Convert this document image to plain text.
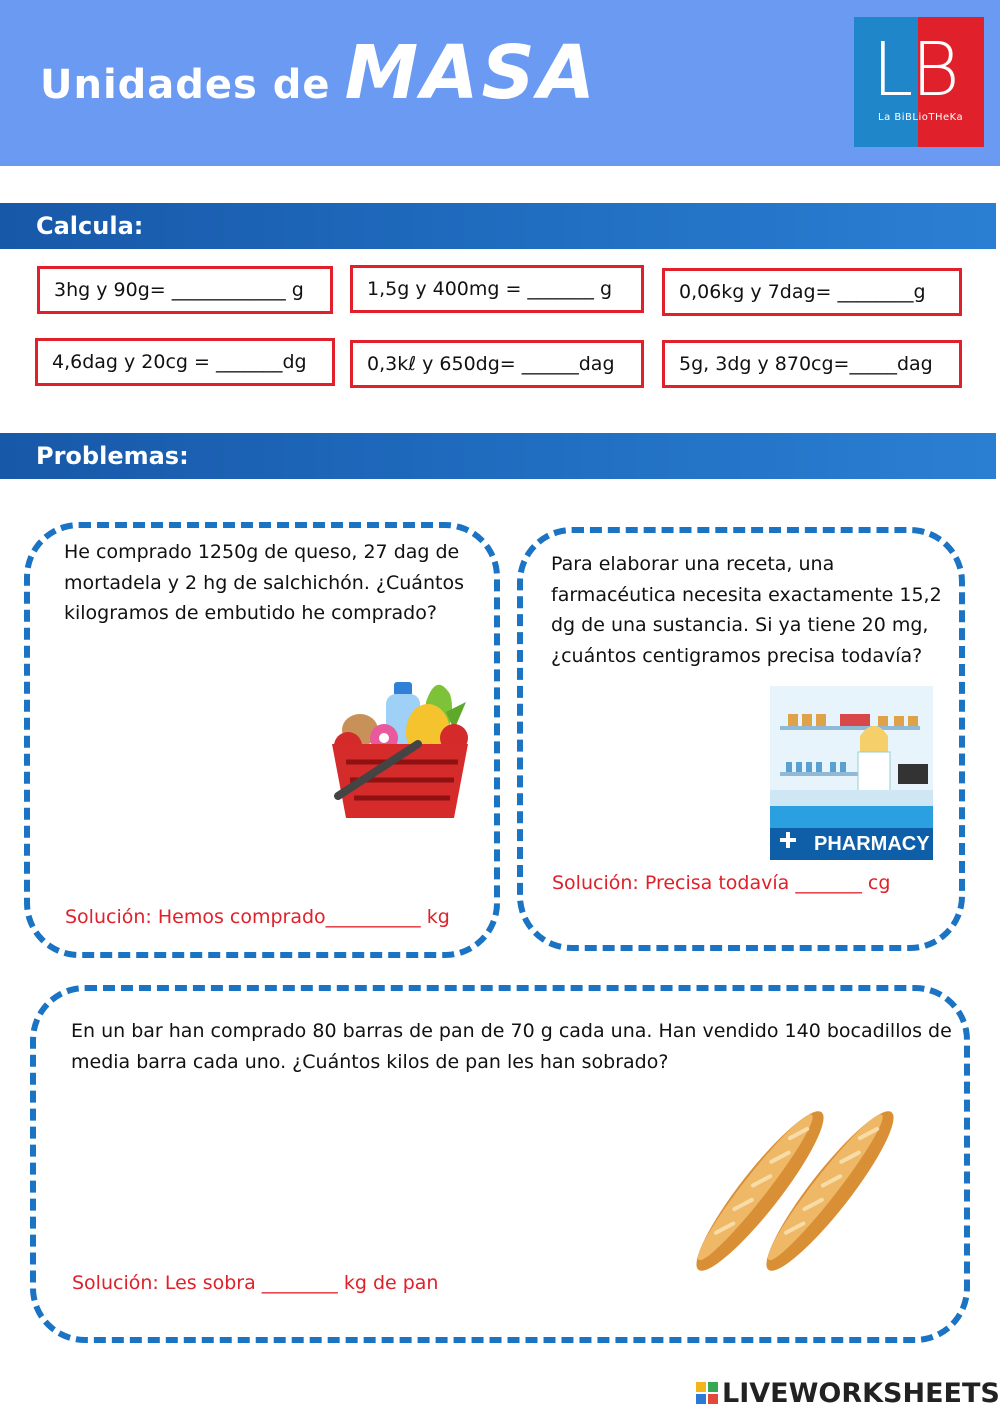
Unidades de MASA	LB
La BiBLioTHeKa
Calcula:
3hg y 90g= ____________ g	1,5g y 400mg = _______ g	0,06kg y 7dag= ________g
4,6dag y 20cg = _______dg	0,3kℓ y 650dg= ______dag	5g, 3dg y 870cg=_____dag
Problemas:
He comprado 1250g de queso, 27 dag de
mortadela y 2 hg de salchichón. ¿Cuántos
kilogramos de embutido he comprado?
Solución: Hemos comprado__________ kg
Para elaborar una receta, una
farmacéutica necesita exactamente 15,2
dg de una sustancia. Si ya tiene 20 mg,
¿cuántos centigramos precisa todavía?
PHARMACY
Solución: Precisa todavía _______ cg
En un bar han comprado 80 barras de pan de 70 g cada una. Han vendido 140 bocadillos de
media barra cada uno. ¿Cuántos kilos de pan les han sobrado?
Solución: Les sobra ________ kg de pan
LIVEWORKSHEETS
